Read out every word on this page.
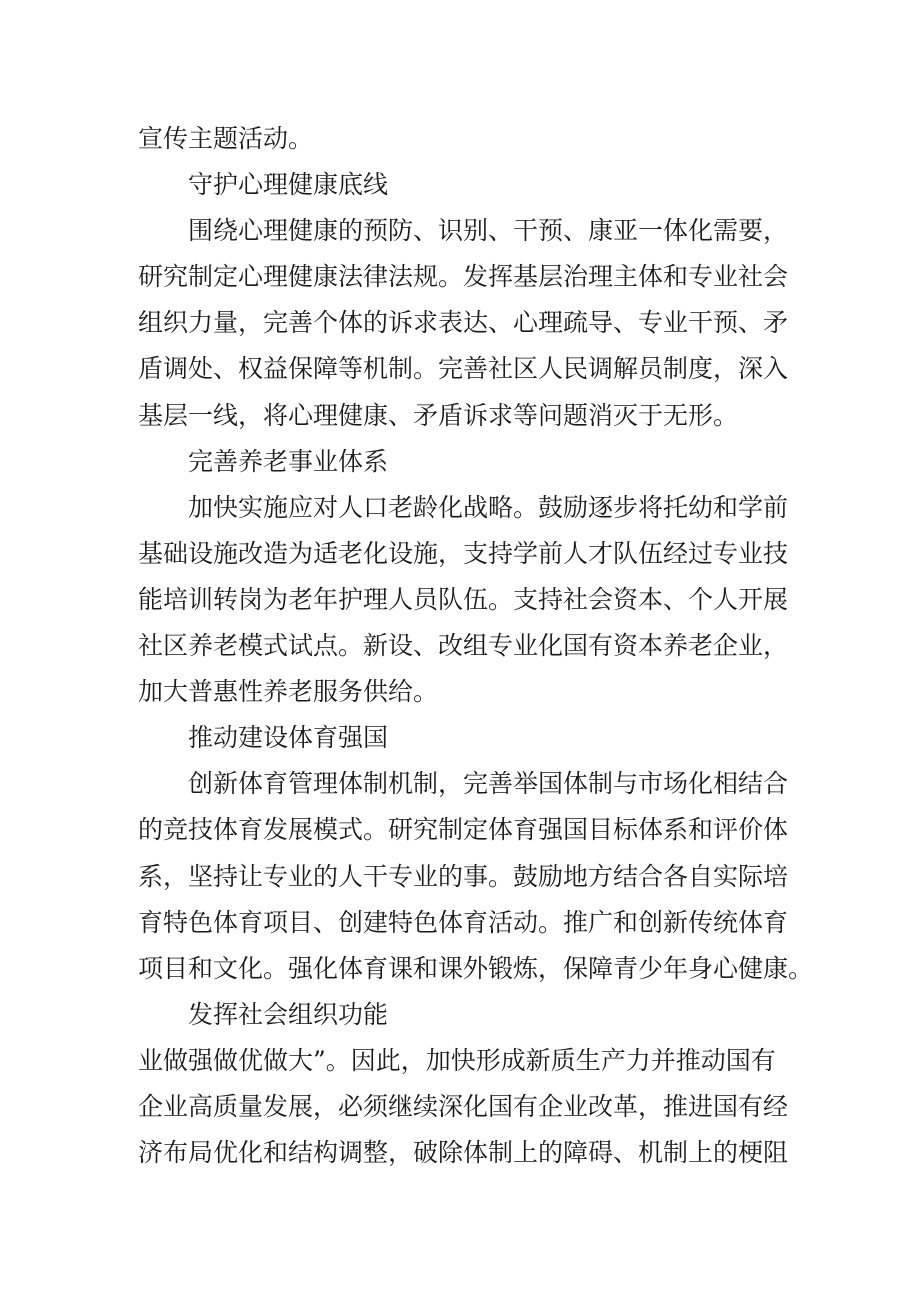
宣传主题活动。
守护心理健康底线
围绕心理健康的预防、识别、干预、康亚一体化需要，
研究制定心理健康法律法规。发挥基层治理主体和专业社会
组织力量，完善个体的诉求表达、心理疏导、专业干预、矛
盾调处、权益保障等机制。完善社区人民调解员制度，深入
基层一线，将心理健康、矛盾诉求等问题消灭于无形。
完善养老事业体系
加快实施应对人口老龄化战略。鼓励逐步将托幼和学前
基础设施改造为适老化设施，支持学前人才队伍经过专业技
能培训转岗为老年护理人员队伍。支持社会资本、个人开展
社区养老模式试点。新设、改组专业化国有资本养老企业，
加大普惠性养老服务供给。
推动建设体育强国
创新体育管理体制机制，完善举国体制与市场化相结合
的竞技体育发展模式。研究制定体育强国目标体系和评价体
系，坚持让专业的人干专业的事。鼓励地方结合各自实际培
育特色体育项目、创建特色体育活动。推广和创新传统体育
项目和文化。强化体育课和课外锻炼，保障青少年身心健康。
发挥社会组织功能
业做强做优做大”。因此，加快形成新质生产力并推动国有
企业高质量发展，必须继续深化国有企业改革，推进国有经
济布局优化和结构调整，破除体制上的障碍、机制上的梗阻
